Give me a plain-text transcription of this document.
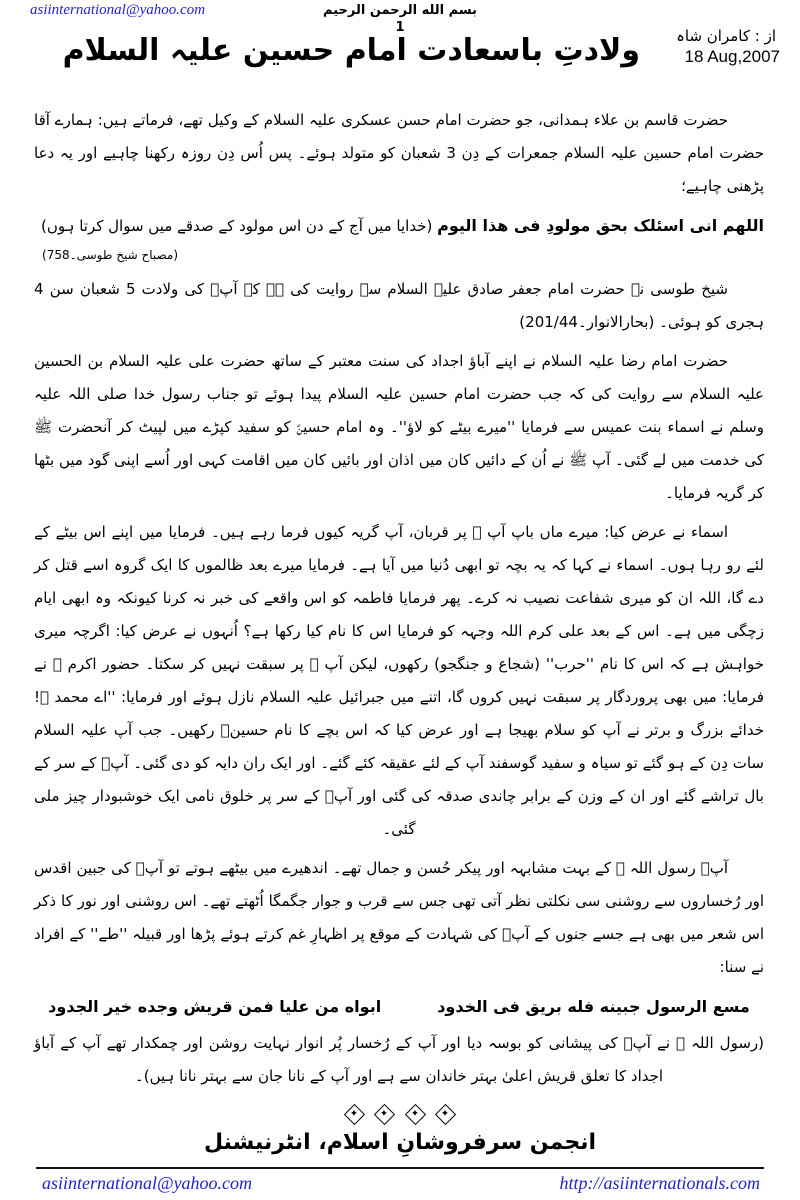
asiinternational@yahoo.com	بسم الله الرحمن الرحيم
1	از : کامران شاہ
18 Aug,2007
ولادتِ باسعادت امام حسین علیہ السلام

حضرت قاسم بن علاء ہمدانی، جو حضرت امام حسن عسکری علیہ السلام کے وکیل تھے، فرماتے ہیں: ہمارے آقا حضرت امام حسین علیہ السلام جمعرات کے دِن 3 شعبان کو متولد ہوئے۔ پس اُس دِن روزہ رکھنا چاہیے اور یہ دعا پڑھنی چاہیے؛

اللهم انى اسئلک بحق مولودِ فى هذا اليوم (خدایا میں آج کے دن اس مولود کے صدقے میں سوال کرتا ہوں)
(مصباح شیخ طوسی۔758)

شیخ طوسی نے حضرت امام جعفر صادق علیہ السلام سے روایت کی ہے کہ آپؑ کی ولادت 5 شعبان سن 4 ہجری کو ہوئی۔ (بحارالانوار۔201/44)

حضرت امام رضا علیہ السلام نے اپنے آباؤ اجداد کی سنت معتبر کے ساتھ حضرت علی علیہ السلام بن الحسین علیہ السلام سے روایت کی کہ جب حضرت امام حسین علیہ السلام پیدا ہوئے تو جناب رسول خدا صلی اللہ علیہ وسلم نے اسماء بنت عمیس سے فرمایا ''میرے بیٹے کو لاؤ''۔ وہ امام حسینؑ کو سفید کپڑے میں لپیٹ کر آنحضرت ﷺ کی خدمت میں لے گئی۔ آپ ﷺ نے اُن کے دائیں کان میں اذان اور بائیں کان میں اقامت کہی اور اُسے اپنی گود میں بٹھا کر گریہ فرمایا۔

اسماء نے عرض کیا: میرے ماں باپ آپ ﷺ پر قربان، آپ گریہ کیوں فرما رہے ہیں۔ فرمایا میں اپنے اس بیٹے کے لئے رو رہا ہوں۔ اسماء نے کہا کہ یہ بچہ تو ابھی دُنیا میں آیا ہے۔ فرمایا میرے بعد ظالموں کا ایک گروہ اسے قتل کر دے گا، اللہ ان کو میری شفاعت نصیب نہ کرے۔ پھر فرمایا فاطمہ کو اس واقعے کی خبر نہ کرنا کیونکہ وہ ابھی ایام زچگی میں ہے۔ اس کے بعد علی کرم اللہ وجہہ کو فرمایا اس کا نام کیا رکھا ہے؟ اُنہوں نے عرض کیا: اگرچہ میری خواہش ہے کہ اس کا نام ''حرب'' (شجاع و جنگجو) رکھوں، لیکن آپ ﷺ پر سبقت نہیں کر سکتا۔ حضور اکرم ﷺ نے فرمایا: میں بھی پروردگار پر سبقت نہیں کروں گا، اتنے میں جبرائیل علیہ السلام نازل ہوئے اور فرمایا: ''اے محمد ﷺ! خدائے بزرگ و برتر نے آپ کو سلام بھیجا ہے اور عرض کیا کہ اس بچے کا نام حسینؑ رکھیں۔ جب آپ علیہ السلام سات دِن کے ہو گئے تو سیاہ و سفید گوسفند آپ کے لئے عقیقہ کئے گئے۔ اور ایک ران دایہ کو دی گئی۔ آپؑ کے سر کے بال تراشے گئے اور ان کے وزن کے برابر چاندی صدقہ کی گئی اور آپؑ کے سر پر خلوق نامی ایک خوشبودار چیز ملی گئی۔

آپؑ رسول اللہ ﷺ کے بہت مشابہہ اور پیکر حُسن و جمال تھے۔ اندھیرے میں بیٹھے ہوتے تو آپؑ کی جبین اقدس اور رُخساروں سے روشنی سی نکلتی نظر آتی تھی جس سے قرب و جوار جگمگا اُٹھتے تھے۔ اس روشنی اور نور کا ذکر اس شعر میں بھی ہے جسے جنوں کے آپؑ کی شہادت کے موقع پر اظہارِ غم کرتے ہوئے پڑھا اور قبیلہ ''طے'' کے افراد نے سنا:

مسع الرسول جبينه فله بريق فى الخدود
ابواه من عليا فمن قريش وجده خير الجدود

(رسول اللہ ﷺ نے آپؑ کی پیشانی کو بوسہ دیا اور آپ کے رُخسار پُر انوار نہایت روشن اور چمکدار تھے آپ کے آباؤ اجداد کا تعلق قریش اعلیٰ بہتر خاندان سے ہے اور آپ کے نانا جان سے بہتر نانا ہیں)۔

✦

✦

✦

✦
انجمن سرفروشانِ اسلام، انٹرنیشنل
asiinternational@yahoo.com	http://asiinternationals.com
